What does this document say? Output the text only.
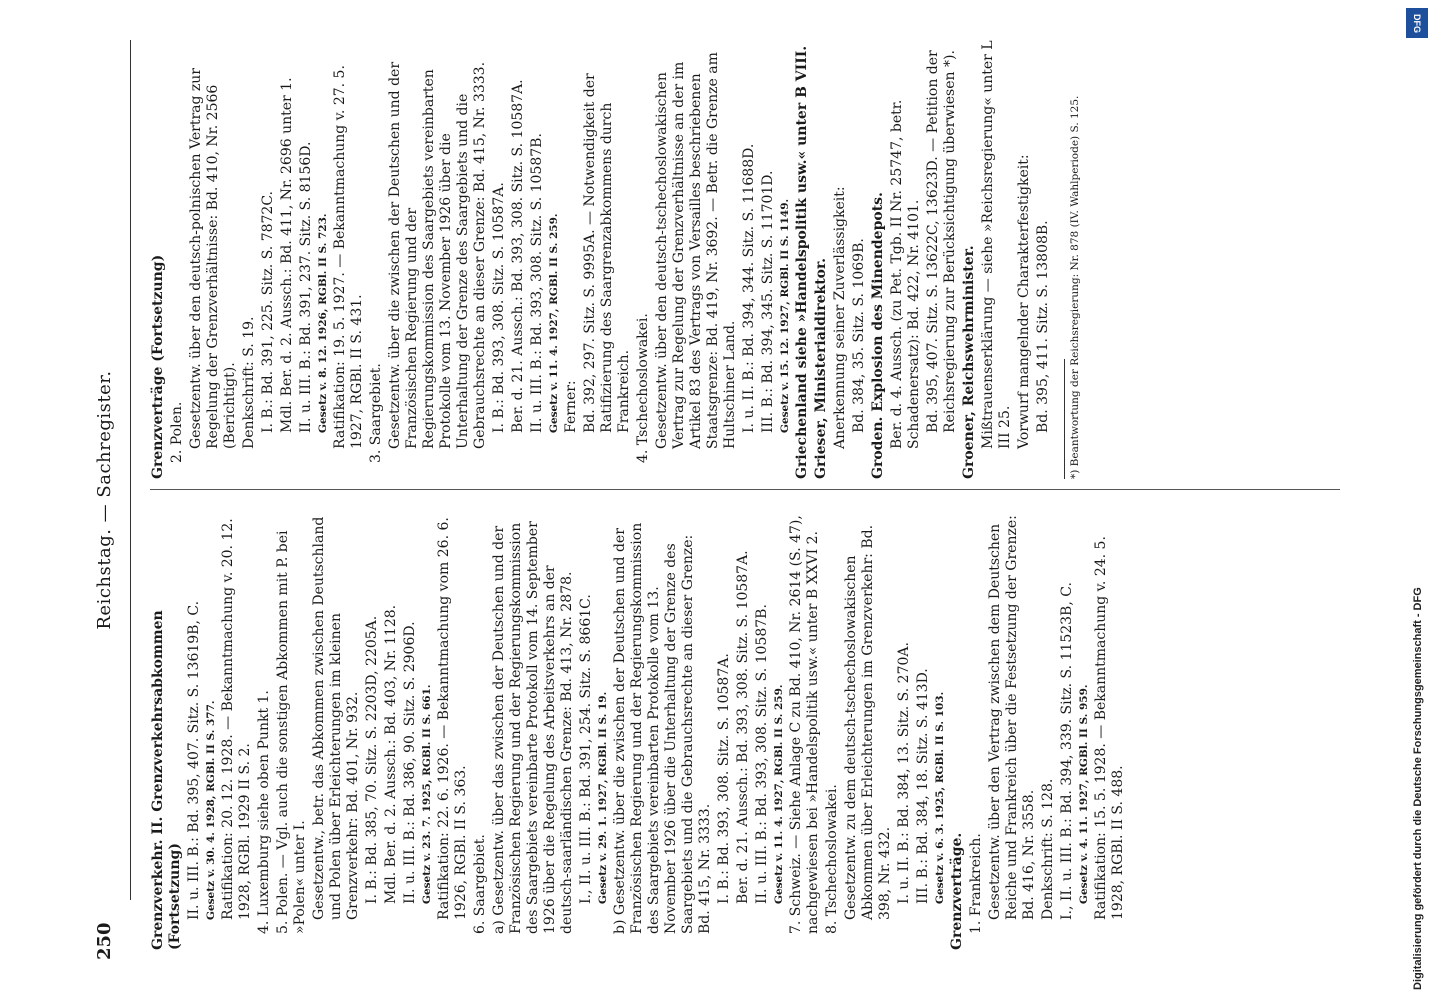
250
Reichstag. — Sachregister.

Grenzverkehr. II. Grenzverkehrsabkommen (Fortsetzung) II. u. III. B.: Bd. 395, 407. Sitz. S. 13619B, C. Gesetz v. 30. 4. 1928, RGBl. II S. 377. Ratifikation: 20. 12. 1928. — Bekanntmachung v. 20. 12. 1928, RGBl. 1929 II S. 2. 4. Luxemburg siehe oben Punkt 1. 5. Polen. — Vgl. auch die sonstigen Abkommen mit P. bei »Polen« unter I. Gesetzentw., betr. das Abkommen zwischen Deutschland und Polen über Erleichterungen im kleinen Grenzverkehr: Bd. 401, Nr. 932. I. B.: Bd. 385, 70. Sitz. S. 2203D, 2205A. Mdl. Ber. d. 2. Aussch.: Bd. 403, Nr. 1128. II. u. III. B.: Bd. 386, 90. Sitz. S. 2906D. Gesetz v. 23. 7. 1925, RGBl. II S. 661. Ratifikation: 22. 6. 1926. — Bekanntmachung vom 26. 6. 1926, RGBl. II S. 363. 6. Saargebiet. a) Gesetzentw. über das zwischen der Deutschen und der Französischen Regierung und der Regierungskommission des Saargebiets vereinbarte Protokoll vom 14. September 1926 über die Regelung des Arbeitsverkehrs an der deutsch-saarländischen Grenze: Bd. 413, Nr. 2878. I., II. u. III. B.: Bd. 391, 254. Sitz. S. 8661C. Gesetz v. 29. 1. 1927, RGBl. II S. 19. b) Gesetzentw. über die zwischen der Deutschen und der Französischen Regierung und der Regierungskommission des Saargebiets vereinbarten Protokolle vom 13. November 1926 über die Unterhaltung der Grenze des Saargebiets und die Gebrauchsrechte an dieser Grenze: Bd. 415, Nr. 3333. I. B.: Bd. 393, 308. Sitz. S. 10587A. Ber. d. 21. Aussch.: Bd. 393, 308. Sitz. S. 10587A. II. u. III. B.: Bd. 393, 308. Sitz. S. 10587B. Gesetz v. 11. 4. 1927, RGBl. II S. 259. 7. Schweiz. — Siehe Anlage C zu Bd. 410, Nr. 2614 (S. 47), nachgewiesen bei »Handelspolitik usw.« unter B XXVI 2. 8. Tschechoslowakei. Gesetzentw. zu dem deutsch-tschechoslowakischen Abkommen über Erleichterungen im Grenzverkehr: Bd. 398, Nr. 432. I. u. II. B.: Bd. 384, 13. Sitz. S. 270A. III. B.: Bd. 384, 18. Sitz. S. 413D. Gesetz v. 6. 3. 1925, RGBl. II S. 103. Grenzverträge. 1. Frankreich. Gesetzentw. über den Vertrag zwischen dem Deutschen Reiche und Frankreich über die Festsetzung der Grenze: Bd. 416, Nr. 3558. Denkschrift: S. 128. I., II. u. III. B.: Bd. 394, 339. Sitz. S. 11523B, C. Gesetz v. 4. 11. 1927, RGBl. II S. 959. Ratifikation: 15. 5. 1928. — Bekanntmachung v. 24. 5. 1928, RGBl. II S. 488.

Grenzverträge (Fortsetzung) 2. Polen. Gesetzentw. über den deutsch-polnischen Vertrag zur Regelung der Grenzverhältnisse: Bd. 410, Nr. 2566 (Berichtigt). Denkschrift: S. 19. I. B.: Bd. 391, 225. Sitz. S. 7872C. Mdl. Ber. d. 2. Aussch.: Bd. 411, Nr. 2696 unter 1. II. u. III. B.: Bd. 391, 237. Sitz. S. 8156D. Gesetz v. 8. 12. 1926, RGBl. II S. 723. Ratifikation: 19. 5. 1927. — Bekanntmachung v. 27. 5. 1927, RGBl. II S. 431. 3. Saargebiet. Gesetzentw. über die zwischen der Deutschen und der Französischen Regierung und der Regierungskommission des Saargebiets vereinbarten Protokolle vom 13. November 1926 über die Unterhaltung der Grenze des Saargebiets und die Gebrauchsrechte an dieser Grenze: Bd. 415, Nr. 3333. I. B.: Bd. 393, 308. Sitz. S. 10587A. Ber. d. 21. Aussch.: Bd. 393, 308. Sitz. S. 10587A. II. u. III. B.: Bd. 393, 308. Sitz. S. 10587B. Gesetz v. 11. 4. 1927, RGBl. II S. 259. Ferner: Bd. 392, 297. Sitz. S. 9995A. — Notwendigkeit der Ratifizierung des Saargrenzabkommens durch Frankreich. 4. Tschechoslowakei. Gesetzentw. über den deutsch-tschechoslowakischen Vertrag zur Regelung der Grenzverhältnisse an der im Artikel 83 des Vertrags von Versailles beschriebenen Staatsgrenze: Bd. 419, Nr. 3692. — Betr. die Grenze am Hultschiner Land. I. u. II. B.: Bd. 394, 344. Sitz. S. 11688D. III. B.: Bd. 394, 345. Sitz. S. 11701D. Gesetz v. 15. 12. 1927, RGBl. II S. 1149. Griechenland siehe »Handelspolitik usw.« unter B VIII. Grieser, Ministerialdirektor. Anerkennung seiner Zuverlässigkeit: Bd. 384, 35. Sitz. S. 1069B. Groden. Explosion des Minendepots. Ber. d. 4. Aussch. (zu Pet. Tgb. II Nr. 25747, betr. Schadenersatz): Bd. 422, Nr. 4101. Bd. 395, 407. Sitz. S. 13622C, 13623D. — Petition der Reichsregierung zur Berücksichtigung überwiesen *). Groener, Reichswehrminister. Mißtrauenserklärung — siehe »Reichsregierung« unter L III 25. Vorwurf mangelnder Charakterfestigkeit: Bd. 395, 411. Sitz. S. 13808B. *) Beantwortung der Reichsregierung: Nr. 878 (IV. Wahlperiode) S. 125.

DFG
Digitalisierung gefördert durch die Deutsche Forschungsgemeinschaft - DFG
